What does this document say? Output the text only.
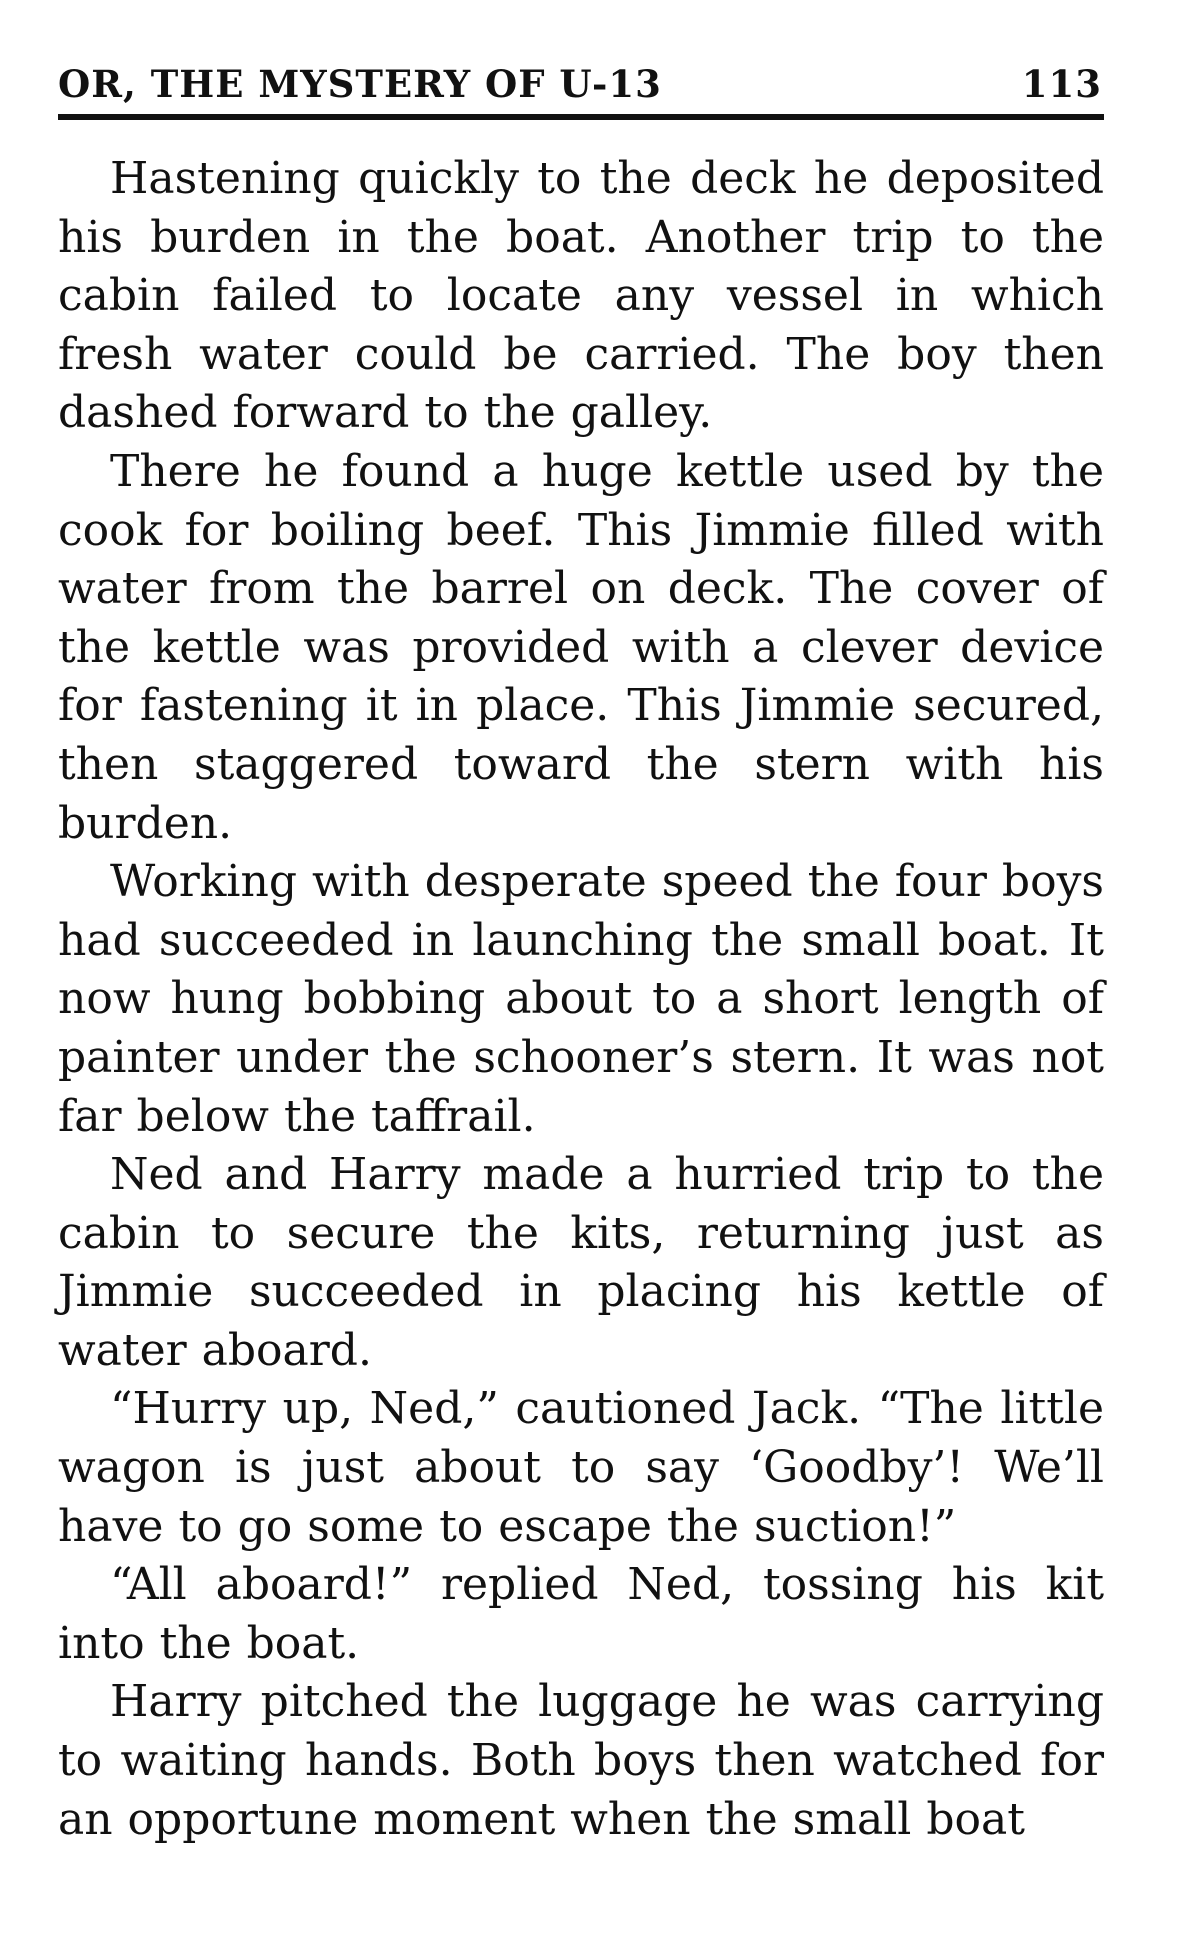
OR, THE MYSTERY OF U-13	113

Hastening quickly to the deck he deposited his burden in the boat. Another trip to the cabin failed to locate any vessel in which fresh water could be carried. The boy then dashed forward to the galley.

There he found a huge kettle used by the cook for boiling beef. This Jimmie filled with water from the barrel on deck. The cover of the kettle was provided with a clever device for fastening it in place. This Jimmie secured, then staggered toward the stern with his burden.

Working with desperate speed the four boys had succeeded in launching the small boat. It now hung bobbing about to a short length of painter under the schooner’s stern. It was not far below the taffrail.

Ned and Harry made a hurried trip to the cabin to secure the kits, returning just as Jimmie succeeded in placing his kettle of water aboard.

“Hurry up, Ned,” cautioned Jack. “The little wagon is just about to say ‘Goodby’! We’ll have to go some to escape the suction!”

“All aboard!” replied Ned, tossing his kit into the boat.

Harry pitched the luggage he was carrying to waiting hands. Both boys then watched for an opportune moment when the small boat
